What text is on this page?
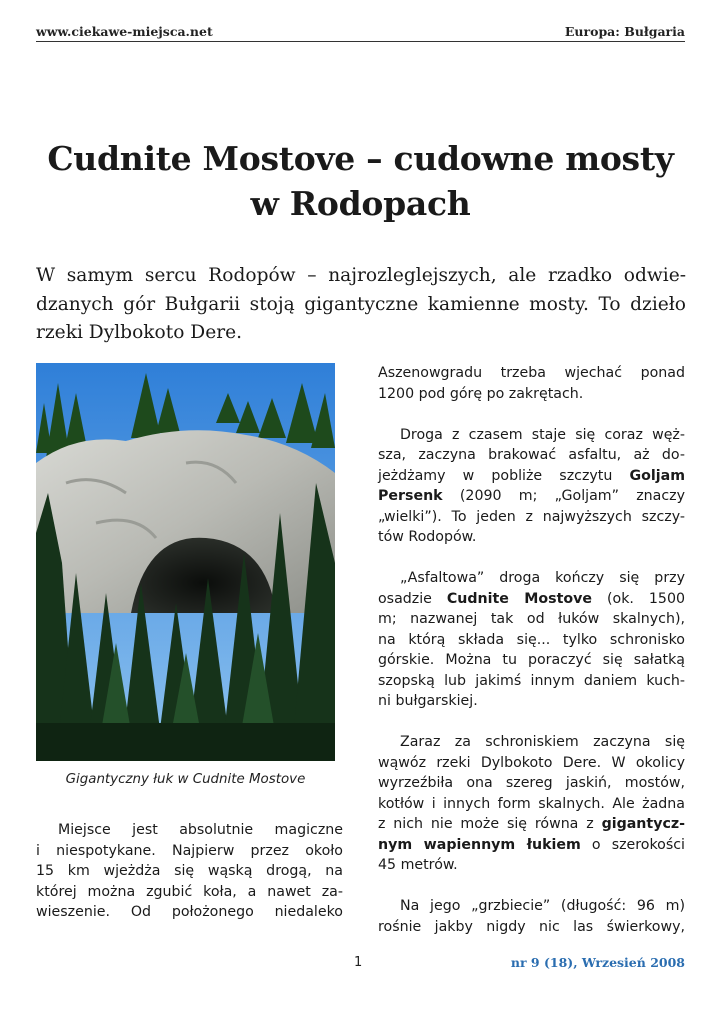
www.ciekawe-miejsca.net	Europa: Bułgaria
Cudnite Mostove – cudowne mosty
w Rodopach
W samym sercu Rodopów – najrozleglejszych, ale rzadko odwie-
dzanych gór Bułgarii stoją gigantyczne kamienne mosty. To dzieło
rzeki Dylbokoto Dere.
Gigantyczny łuk w Cudnite Mostove
Miejsce jest absolutnie magiczne
i niespotykane. Najpierw przez około
15 km wjeżdża się wąską drogą, na
której można zgubić koła, a nawet za-
wieszenie. Od położonego niedaleko
Aszenowgradu trzeba wjechać ponad
1200 pod górę po zakrętach.
Droga z czasem staje się coraz węż-
sza, zaczyna brakować asfaltu, aż do-
jeżdżamy w pobliże szczytu Goljam
Persenk (2090 m; „Goljam” znaczy
„wielki”). To jeden z najwyższych szczy-
tów Rodopów.
„Asfaltowa” droga kończy się przy
osadzie Cudnite Mostove (ok. 1500
m; nazwanej tak od łuków skalnych),
na którą składa się... tylko schronisko
górskie. Można tu poraczyć się sałatką
szopską lub jakimś innym daniem kuch-
ni bułgarskiej.
Zaraz za schroniskiem zaczyna się
wąwóz rzeki Dylbokoto Dere. W okolicy
wyrzeźbiła ona szereg jaskiń, mostów,
kotłów i innych form skalnych. Ale żadna
z nich nie może się równa z gigantycz-
nym wapiennym łukiem o szerokości
45 metrów.
Na jego „grzbiecie” (długość: 96 m)
rośnie jakby nigdy nic las świerkowy,
1	nr 9 (18), Wrzesień 2008
